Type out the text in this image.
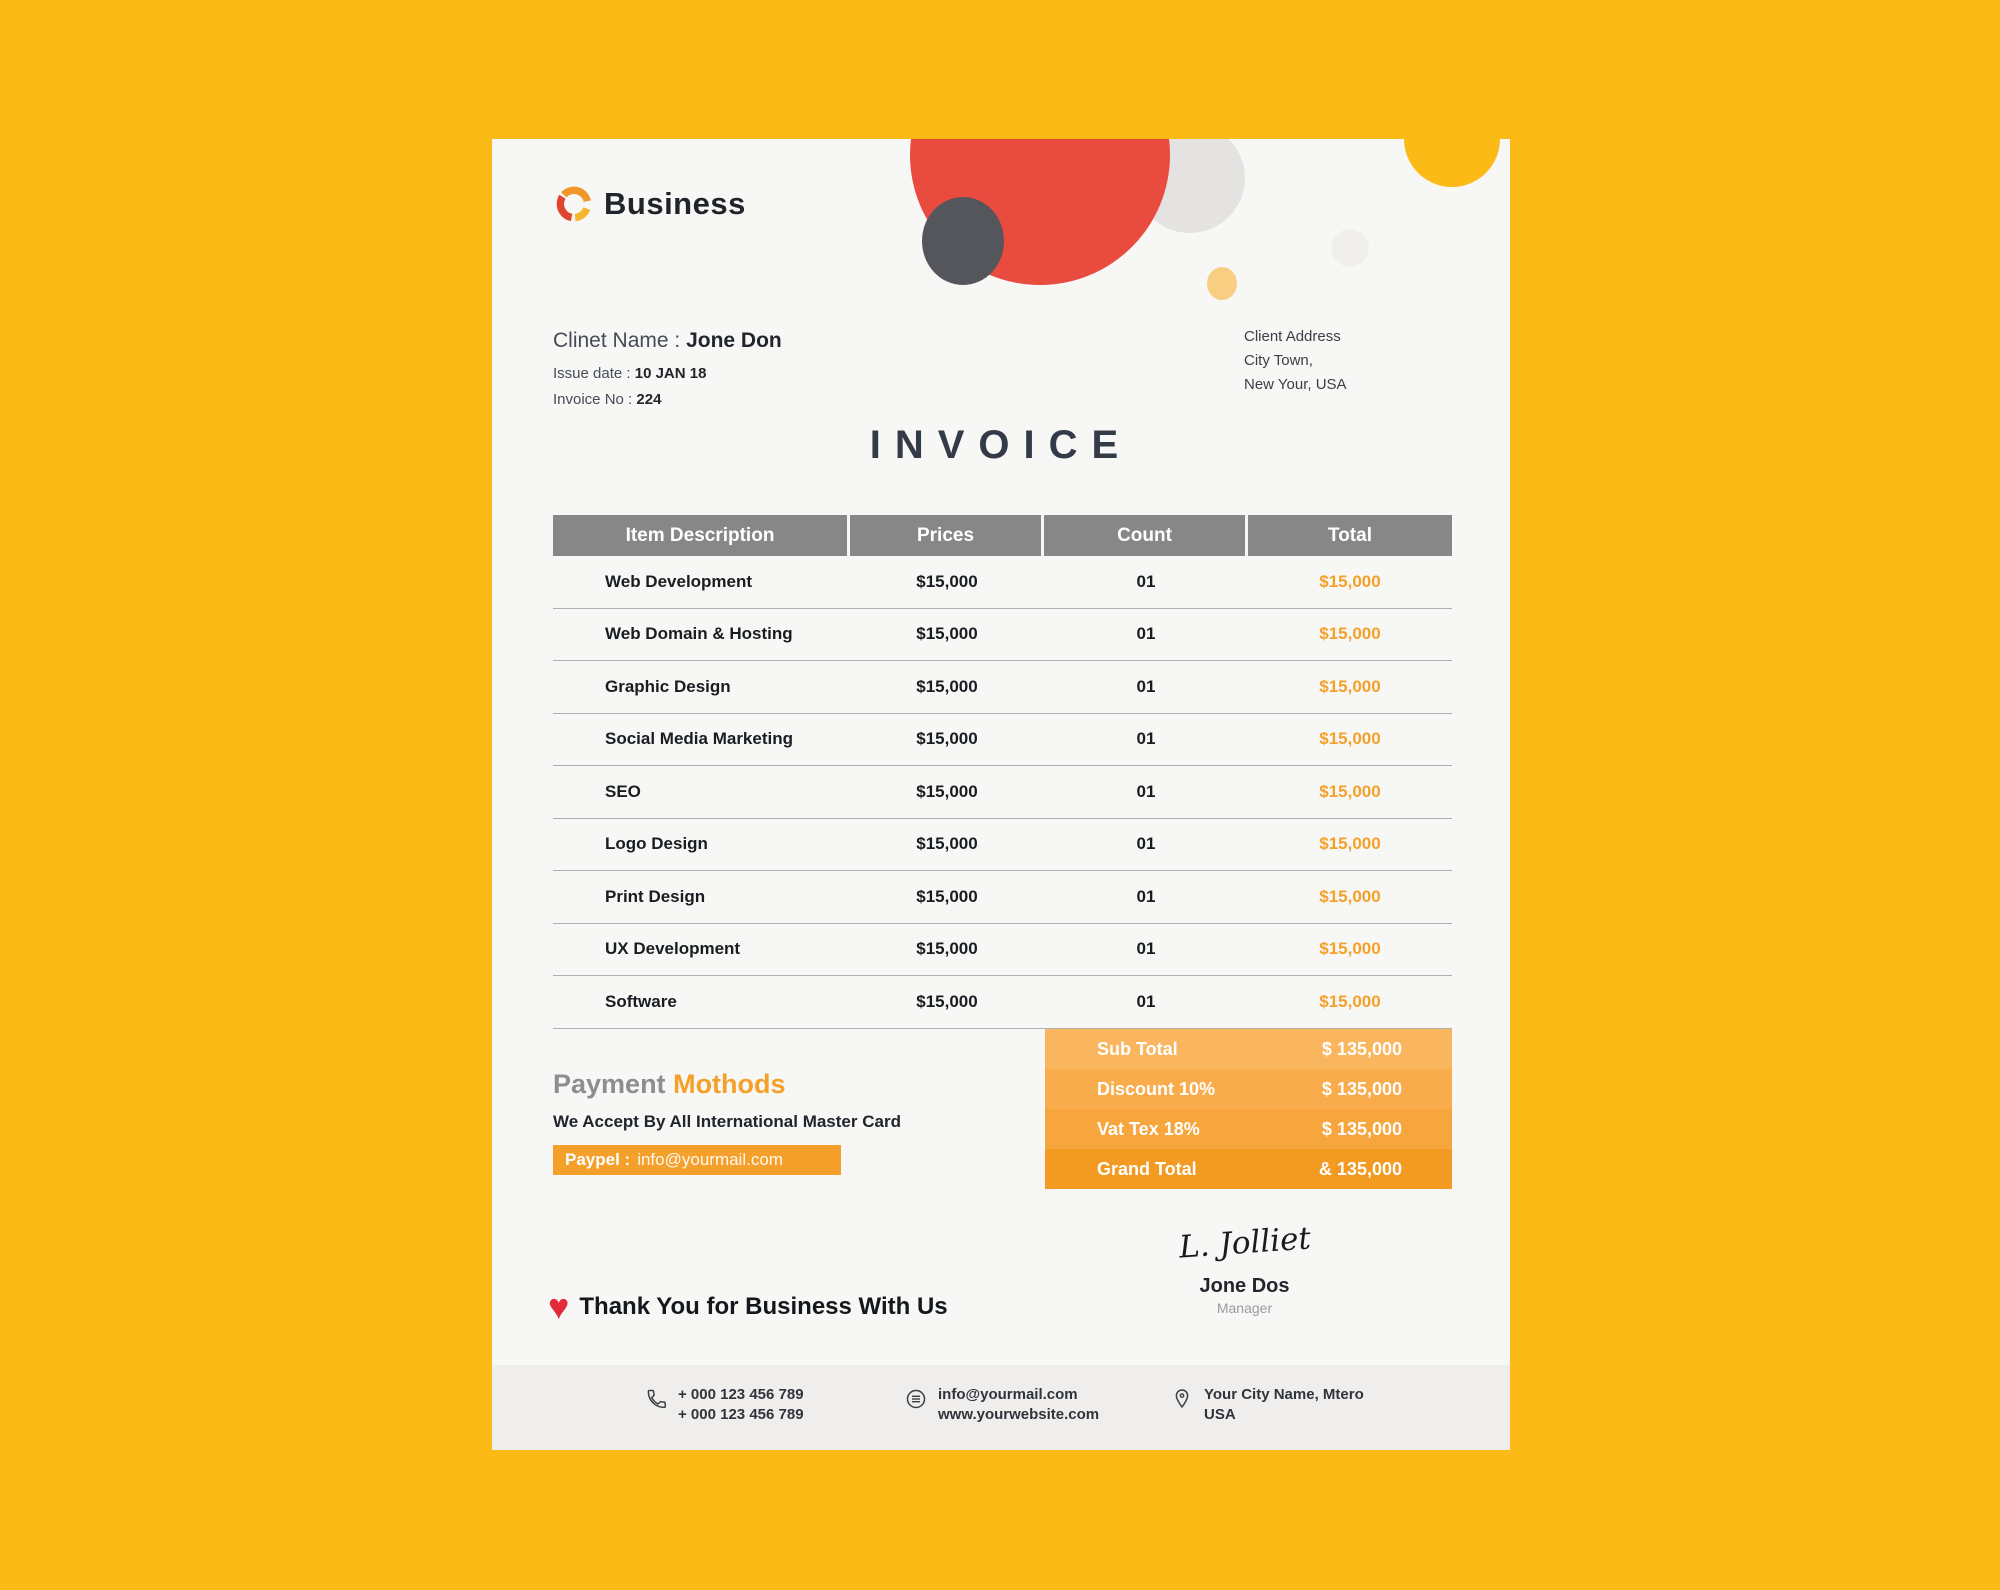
Business
Clinet Name : Jone Don
Issue date : 10 JAN 18
Invoice No : 224
Client Address
City Town,
New Your, USA
INVOICE
Item Description	Prices	Count	Total
Web Development	$15,000	01	$15,000
Web Domain & Hosting	$15,000	01	$15,000
Graphic Design	$15,000	01	$15,000
Social Media Marketing	$15,000	01	$15,000
SEO	$15,000	01	$15,000
Logo Design	$15,000	01	$15,000
Print Design	$15,000	01	$15,000
UX Development	$15,000	01	$15,000
Software	$15,000	01	$15,000
Sub Total	$ 135,000
Discount 10%	$ 135,000
Vat Tex 18%	$ 135,000
Grand Total	& 135,000
Payment Mothods
We Accept By All International Master Card
Paypel : info@yourmail.com
L. Jolliet
Jone Dos
Manager
♥ Thank You for Business With Us
+ 000 123 456 789
+ 000 123 456 789
info@yourmail.com
www.yourwebsite.com
Your City Name, Mtero
USA
